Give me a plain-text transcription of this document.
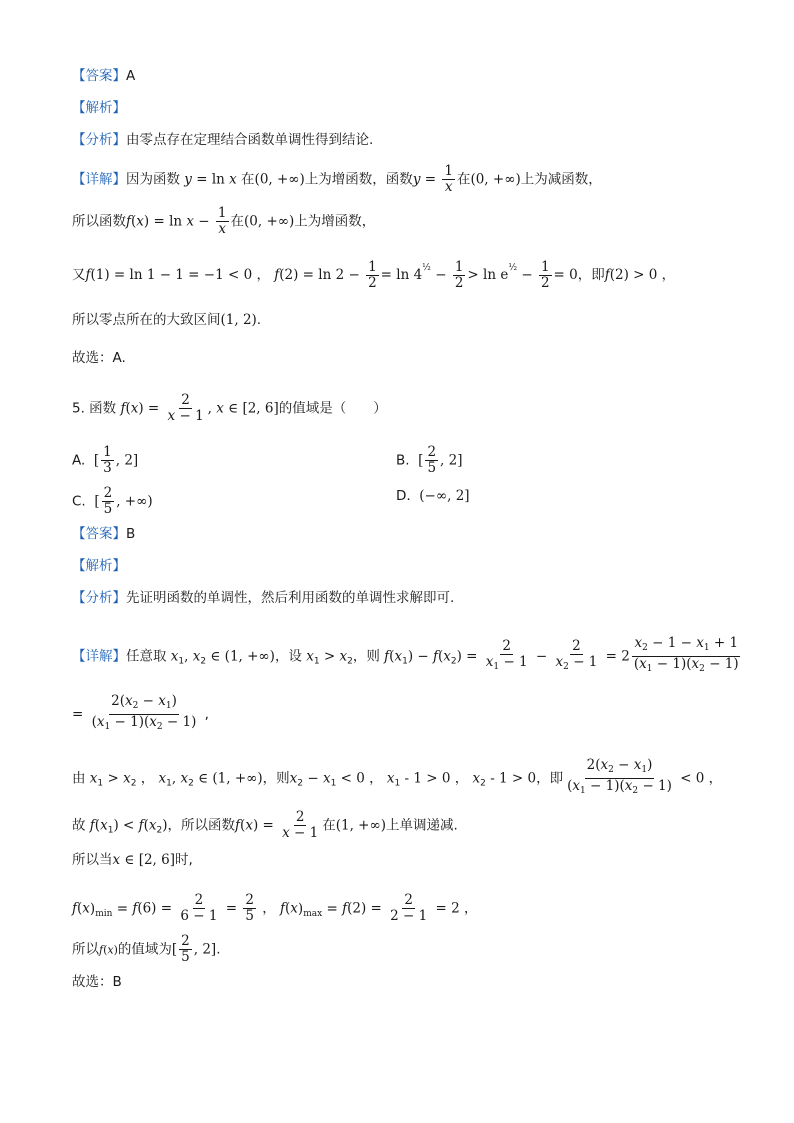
【答案】A
【解析】
【分析】由零点存在定理结合函数单调性得到结论.
【详解】因为函数 y = ln x 在(0, +∞)上为增函数，函数$y = \frac{1}{x}$ 在(0, +∞)上为减函数，
所以函数$f(x) = \ln x - \frac{1}{x}$ 在(0, +∞)上为增函数，
又f(1) = ln 1 − 1 = −1 < 0 ， $f(2) = \ln 2 - \frac{1}{2} = \ln 4^{\frac{1}{2}} - \frac{1}{2} > \ln e^{\frac{1}{2}} - \frac{1}{2} = 0$，即f(2) > 0 ，
所以零点所在的大致区间(1, 2).
故选：A.
5. 函数 $f(x) = \frac{2}{x - 1}$ , x ∈ [2, 6]的值域是（　　）
A. [ $\frac{1}{3}$ , 2]	B. [ $\frac{2}{5}$ , 2]
C. [ $\frac{2}{5}$ , +∞)	D. (−∞, 2]
【答案】B
【解析】
【分析】先证明函数的单调性，然后利用函数的单调性求解即可.
【详解】任意取 $x_1$, $x_2$ ∈ (1, +∞)，设 $x_1 > x_2$，则 $f(x_1) - f(x_2) = \frac{2}{x_1 - 1} - \frac{2}{x_2 - 1} = 2 \frac{x_2 - 1 - x_1 + 1}{(x_1 - 1)(x_2 - 1)}$
= $\frac{2(x_2 - x_1)}{(x_1 - 1)(x_2 - 1)}$ ,
由 $x_1 > x_2$ ， $x_1$, $x_2$ ∈ (1, +∞)，则$x_2 - x_1 < 0$ ， $x_1 - 1 > 0$ ， $x_2 - 1 > 0$，即 $\frac{2(x_2 - x_1)}{(x_1 - 1)(x_2 - 1)} < 0$ ，
故 $f(x_1) < f(x_2)$，所以函数$f(x) = \frac{2}{x - 1}$ 在(1, +∞)上单调递减.
所以当x ∈ [2, 6]时,
$f(x)_{min} = f(6) = \frac{2}{6 - 1} = \frac{2}{5}$ ， $f(x)_{max} = f(2) = \frac{2}{2 - 1} = 2$ ，
所以f(x)的值域为[ $\frac{2}{5}$ , 2].
故选：B
